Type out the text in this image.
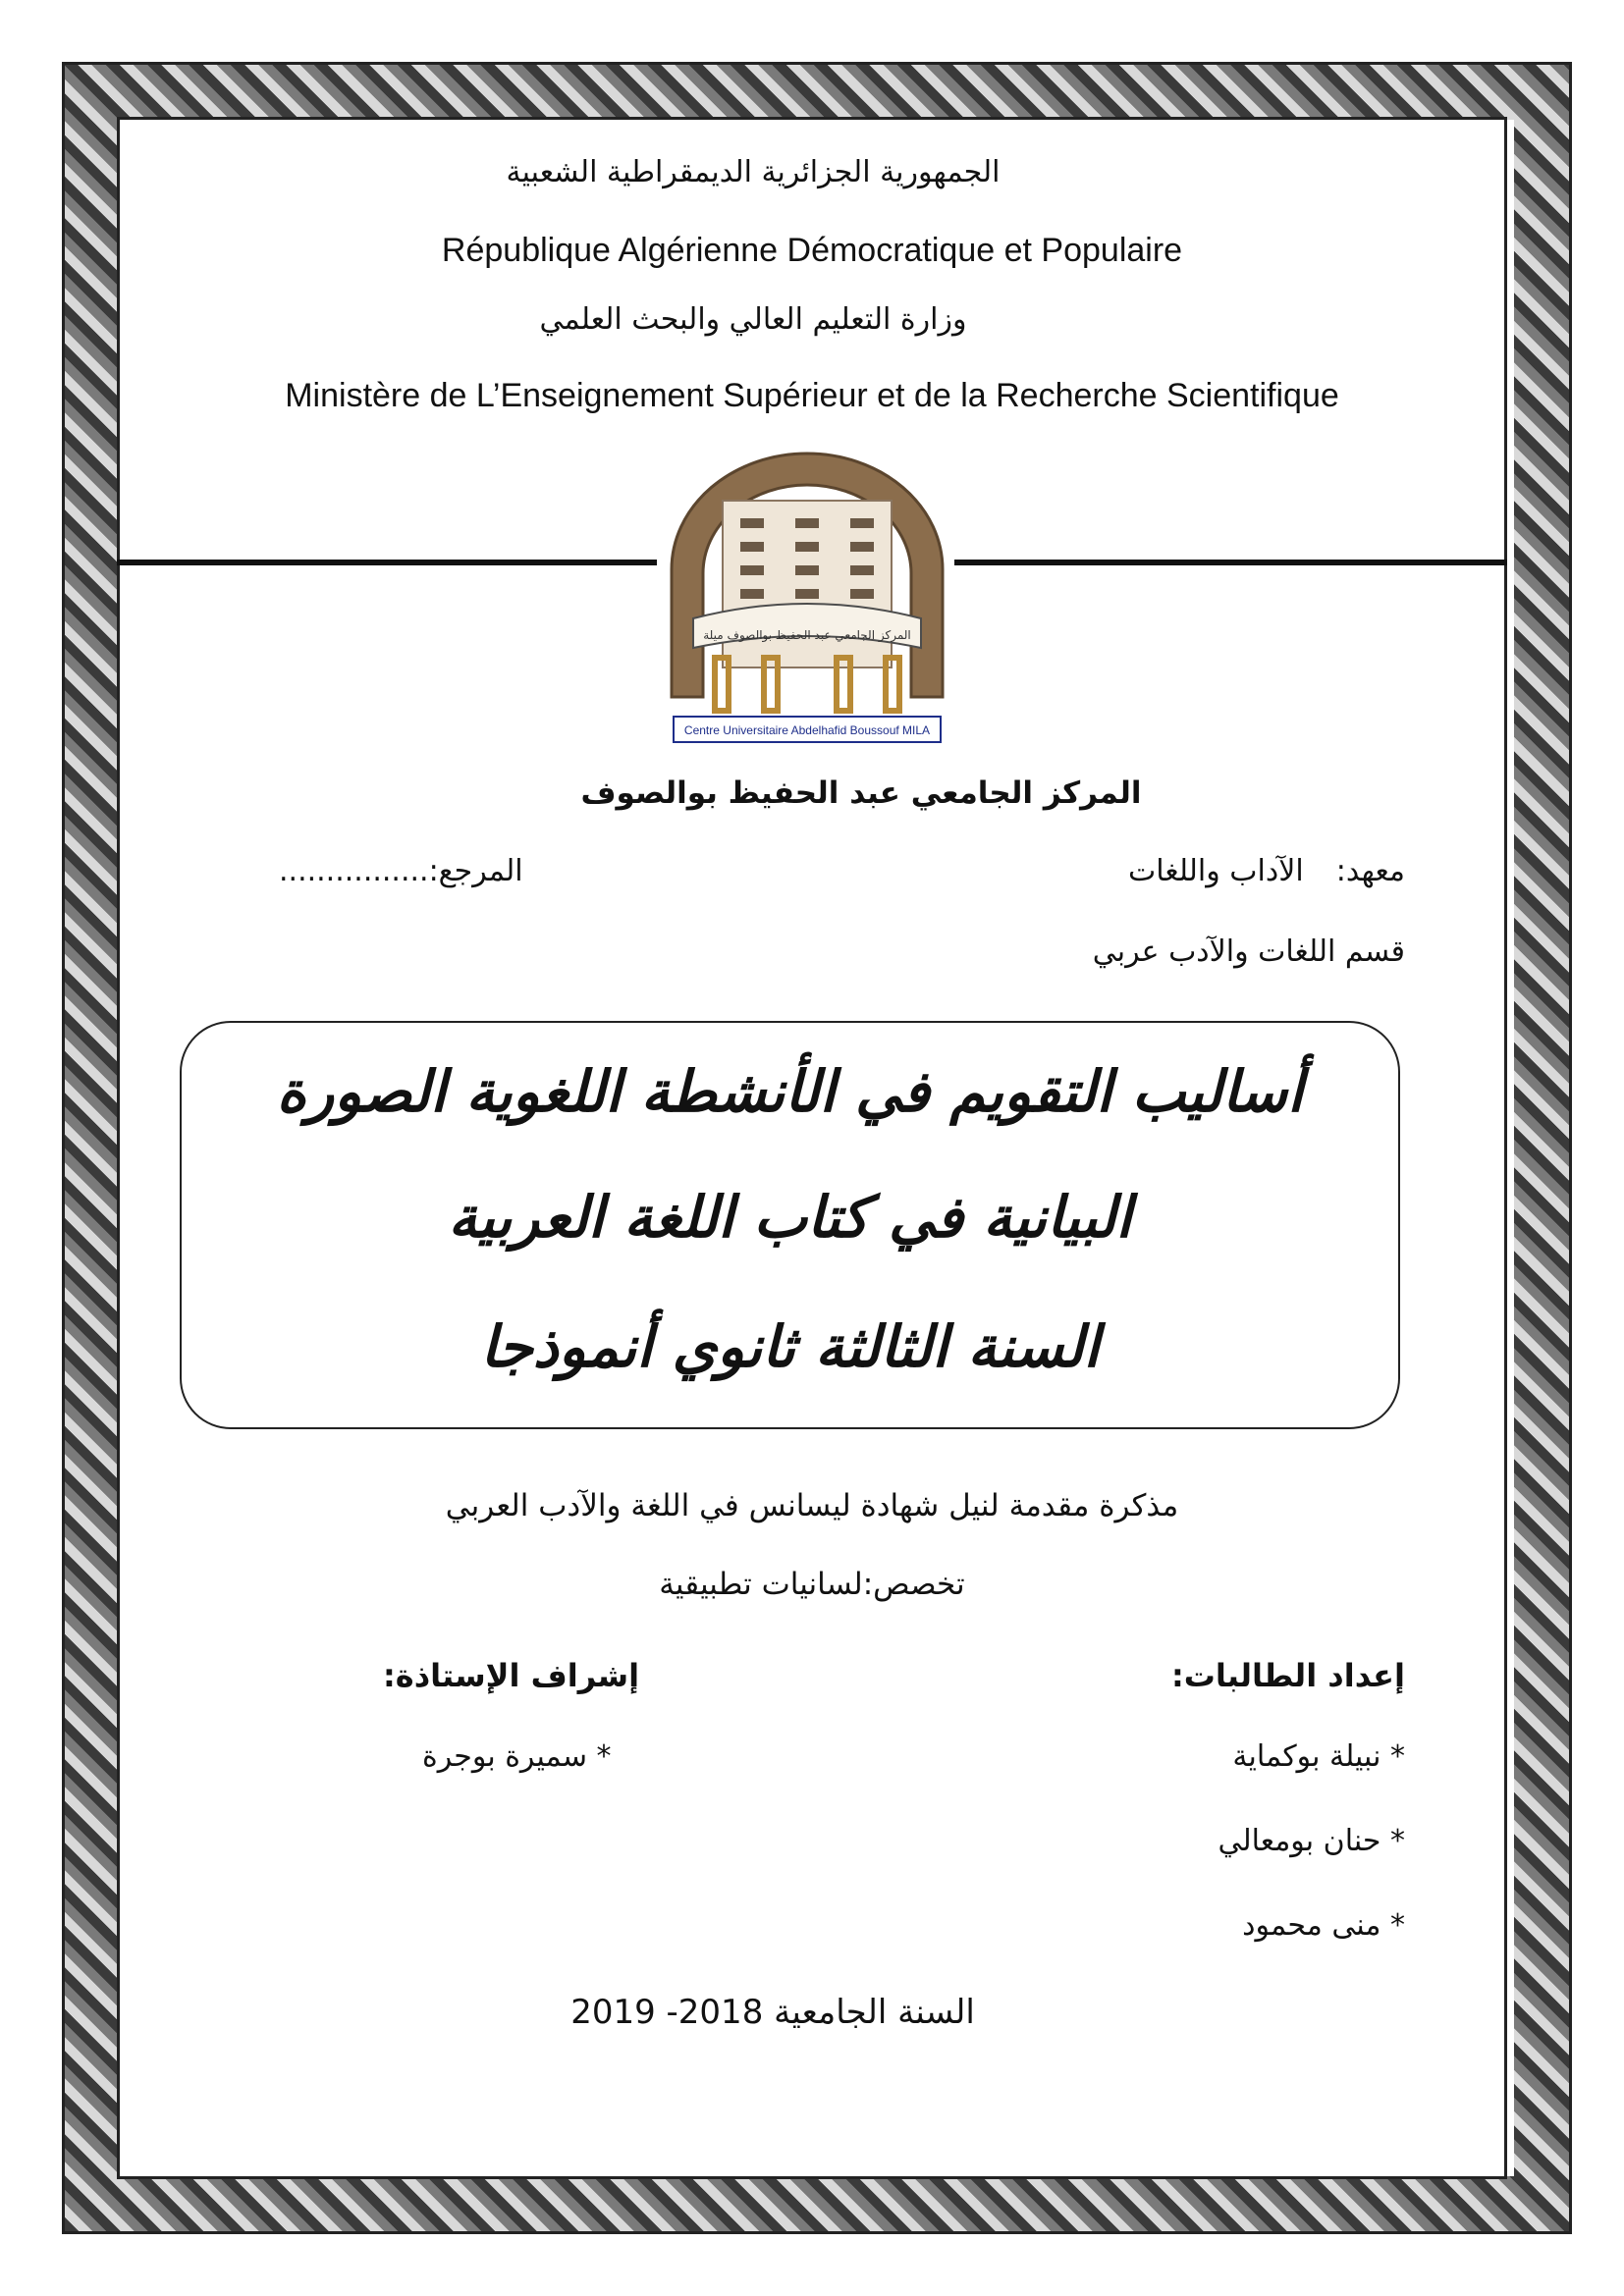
الجمهورية الجزائرية الديمقراطية الشعبية
République Algérienne Démocratique et Populaire
وزارة التعليم العالي والبحث العلمي
Ministère de L’Enseignement Supérieur et de la Recherche Scientifique
المركز الجامعي عبد الحفيظ بوالصوف ميلة
Centre Universitaire Abdelhafid Boussouf MILA
المركز الجامعي عبد الحفيظ بوالصوف
معهد:  الآداب واللغات
المرجع:................
قسم اللغات والآدب عربي
أساليب التقويم في الأنشطة اللغوية الصورة
البيانية في كتاب اللغة العربية
السنة الثالثة ثانوي أنموذجا
مذكرة مقدمة لنيل شهادة ليسانس في اللغة والآدب العربي
تخصص:لسانيات تطبيقية
إعداد الطالبات:
إشراف الإستاذة:
* نبيلة بوكماية
* سميرة بوجرة
* حنان بومعالي
* منى محمود
السنة الجامعية 2018- 2019
